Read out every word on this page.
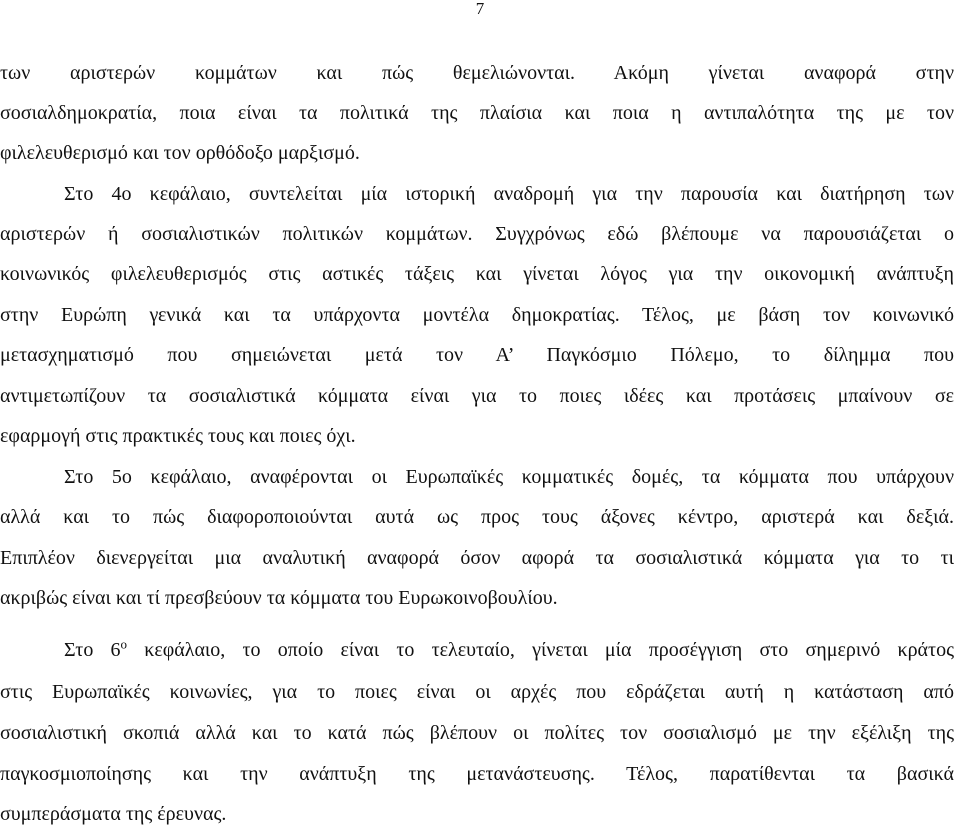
7
των αριστερών κομμάτων και πώς θεμελιώνονται. Ακόμη γίνεται αναφορά στην
σοσιαλδημοκρατία, ποια είναι τα πολιτικά της πλαίσια και ποια η αντιπαλότητα της με τον
φιλελευθερισμό και τον ορθόδοξο μαρξισμό.
Στο 4ο κεφάλαιο, συντελείται μία ιστορική αναδρομή για την παρουσία και διατήρηση των
αριστερών ή σοσιαλιστικών πολιτικών κομμάτων. Συγχρόνως εδώ βλέπουμε να παρουσιάζεται ο
κοινωνικός φιλελευθερισμός στις αστικές τάξεις και γίνεται λόγος για την οικονομική ανάπτυξη
στην Ευρώπη γενικά και τα υπάρχοντα μοντέλα δημοκρατίας. Τέλος, με βάση τον κοινωνικό
μετασχηματισμό που σημειώνεται μετά τον Α’ Παγκόσμιο Πόλεμο, το δίλημμα που
αντιμετωπίζουν τα σοσιαλιστικά κόμματα είναι για το ποιες ιδέες και προτάσεις μπαίνουν σε
εφαρμογή στις πρακτικές τους και ποιες όχι.
Στο 5ο κεφάλαιο, αναφέρονται οι Ευρωπαϊκές κομματικές δομές, τα κόμματα που υπάρχουν
αλλά και το πώς διαφοροποιούνται αυτά ως προς τους άξονες κέντρο, αριστερά και δεξιά.
Επιπλέον διενεργείται μια αναλυτική αναφορά όσον αφορά τα σοσιαλιστικά κόμματα για το τι
ακριβώς είναι και τί πρεσβεύουν τα κόμματα του Ευρωκοινοβουλίου.
Στο $6^o$ κεφάλαιο, το οποίο είναι το τελευταίο, γίνεται μία προσέγγιση στο σημερινό κράτος
στις Ευρωπαϊκές κοινωνίες, για το ποιες είναι οι αρχές που εδράζεται αυτή η κατάσταση από
σοσιαλιστική σκοπιά αλλά και το κατά πώς βλέπουν οι πολίτες τον σοσιαλισμό με την εξέλιξη της
παγκοσμιοποίησης και την ανάπτυξη της μετανάστευσης. Τέλος, παρατίθενται τα βασικά
συμπεράσματα της έρευνας.
